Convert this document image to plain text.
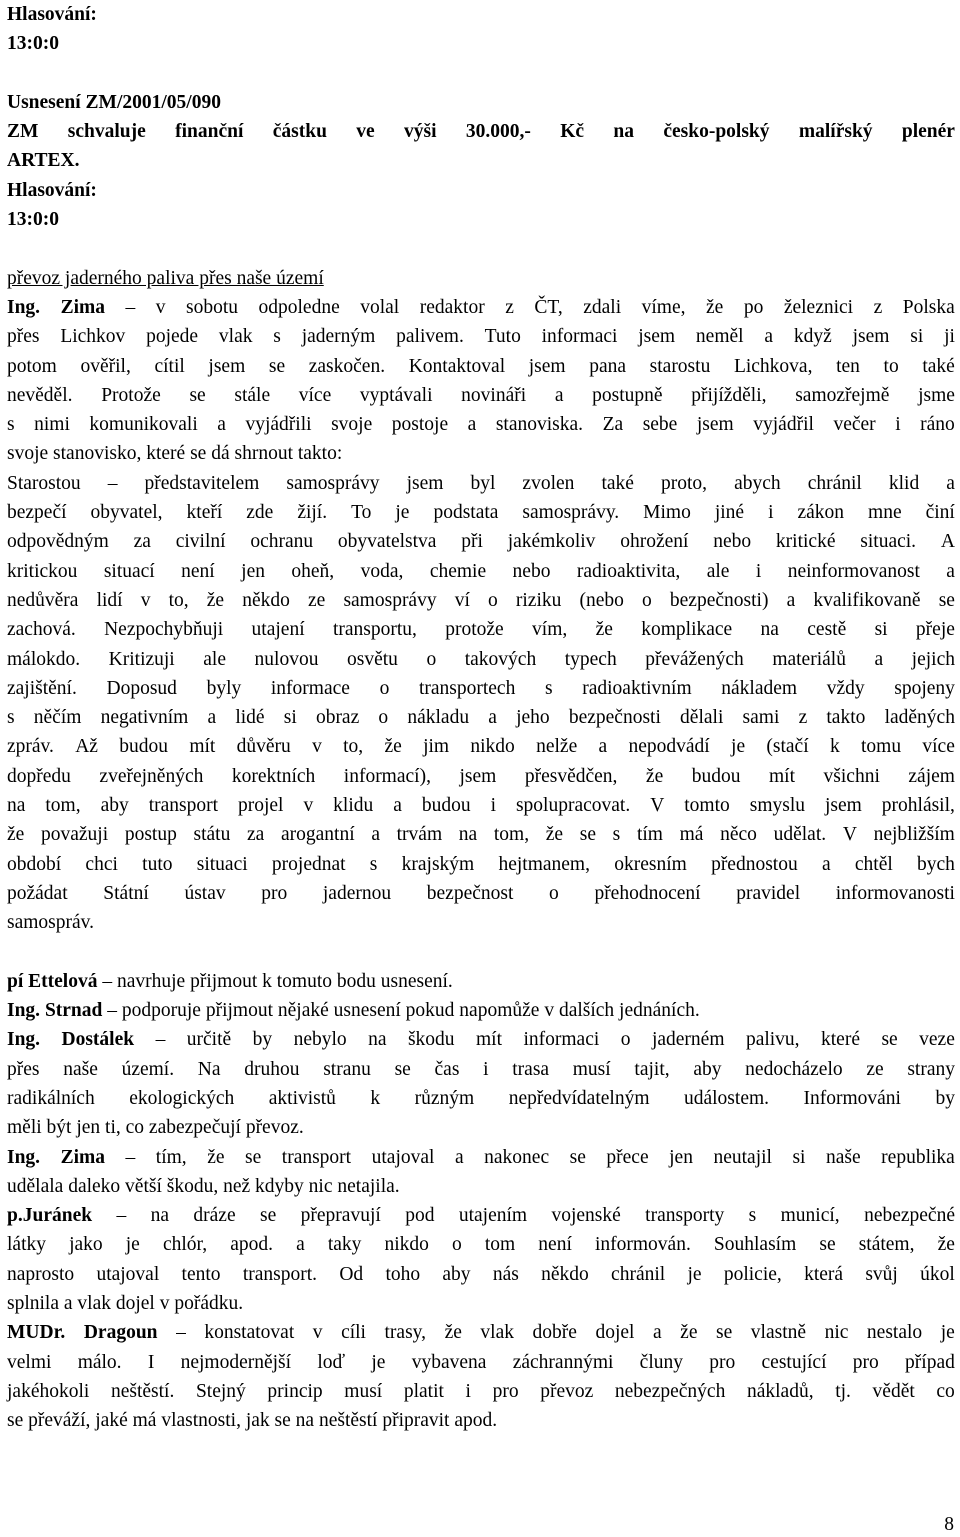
Hlasování:
13:0:0
Usnesení ZM/2001/05/090
ZM schvaluje finanční částku ve výši 30.000,- Kč na česko-polský malířský plenér
ARTEX.
Hlasování:
13:0:0
převoz jaderného paliva přes naše území
Ing. Zima – v sobotu odpoledne volal redaktor z ČT, zdali víme, že po železnici z Polska
přes Lichkov pojede vlak s jaderným palivem. Tuto informaci jsem neměl a když jsem si ji
potom ověřil, cítil jsem se zaskočen. Kontaktoval jsem pana starostu Lichkova, ten to také
nevěděl. Protože se stále více vyptávali novináři a postupně přijížděli, samozřejmě jsme
s nimi komunikovali a vyjádřili svoje postoje a stanoviska. Za sebe jsem vyjádřil večer i ráno
svoje stanovisko, které se dá shrnout takto:
Starostou – představitelem samosprávy jsem byl zvolen také proto, abych chránil klid a
bezpečí obyvatel, kteří zde žijí. To je podstata samosprávy. Mimo jiné i zákon mne činí
odpovědným za civilní ochranu obyvatelstva při jakémkoliv ohrožení nebo kritické situaci. A
kritickou situací není jen oheň, voda, chemie nebo radioaktivita, ale i neinformovanost a
nedůvěra lidí v to, že někdo ze samosprávy ví o riziku (nebo o bezpečnosti) a kvalifikovaně se
zachová. Nezpochybňuji utajení transportu, protože vím, že komplikace na cestě si přeje
málokdo. Kritizuji ale nulovou osvětu o takových typech převážených materiálů a jejich
zajištění. Doposud byly informace o transportech s radioaktivním nákladem vždy spojeny
s něčím negativním a lidé si obraz o nákladu a jeho bezpečnosti dělali sami z takto laděných
zpráv. Až budou mít důvěru v to, že jim nikdo nelže a nepodvádí je (stačí k tomu více
dopředu zveřejněných korektních informací), jsem přesvědčen, že budou mít všichni zájem
na tom, aby transport projel v klidu a budou i spolupracovat. V tomto smyslu jsem prohlásil,
že považuji postup státu za arogantní a trvám na tom, že se s tím má něco udělat. V nejbližším
období chci tuto situaci projednat s krajským hejtmanem, okresním přednostou a chtěl bych
požádat Státní ústav pro jadernou bezpečnost o přehodnocení pravidel informovanosti
samospráv.
pí Ettelová – navrhuje přijmout k tomuto bodu usnesení.
Ing. Strnad – podporuje přijmout nějaké usnesení pokud napomůže v dalších jednáních.
Ing. Dostálek – určitě by nebylo na škodu mít informaci o jaderném palivu, které se veze
přes naše území. Na druhou stranu se čas i trasa musí tajit, aby nedocházelo ze strany
radikálních ekologických aktivistů k různým nepředvídatelným událostem. Informováni by
měli být jen ti, co zabezpečují převoz.
Ing. Zima – tím, že se transport utajoval a nakonec se přece jen neutajil si naše republika
udělala daleko větší škodu, než kdyby nic netajila.
p.Juránek – na dráze se přepravují pod utajením vojenské transporty s municí, nebezpečné
látky jako je chlór, apod. a taky nikdo o tom není informován. Souhlasím se státem, že
naprosto utajoval tento transport. Od toho aby nás někdo chránil je policie, která svůj úkol
splnila a vlak dojel v pořádku.
MUDr. Dragoun – konstatovat v cíli trasy, že vlak dobře dojel a že se vlastně nic nestalo je
velmi málo. I nejmodernější loď je vybavena záchrannými čluny pro cestující pro případ
jakéhokoli neštěstí. Stejný princip musí platit i pro převoz nebezpečných nákladů, tj. vědět co
se převáží, jaké má vlastnosti, jak se na neštěstí připravit apod.
8
